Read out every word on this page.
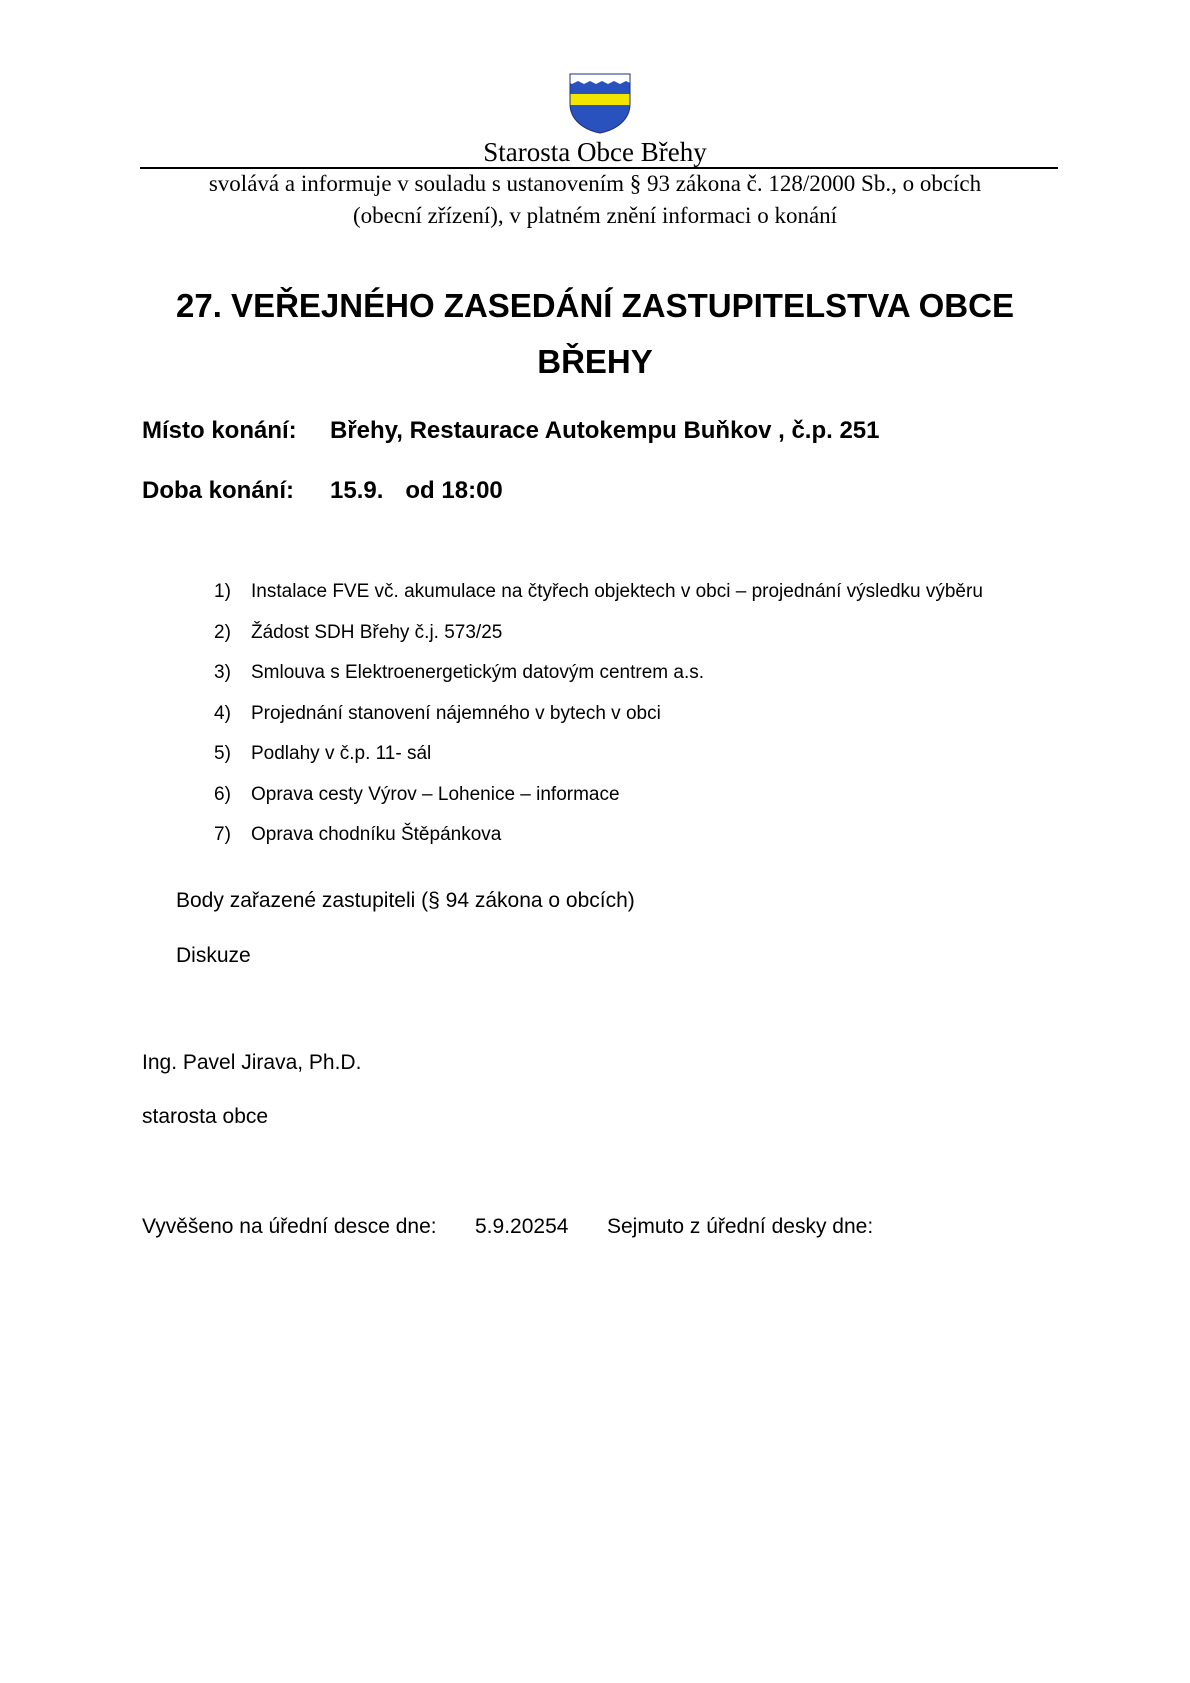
Starosta Obce Břehy
svolává a informuje v souladu s ustanovením § 93 zákona č. 128/2000 Sb., o obcích
(obecní zřízení), v platném znění informaci o konání
27. VEŘEJNÉHO ZASEDÁNÍ ZASTUPITELSTVA OBCE
BŘEHY
Místo konání: Břehy, Restaurace Autokempu Buňkov , č.p. 251
Doba konání: 15.9. od 18:00
1) Instalace FVE vč. akumulace na čtyřech objektech v obci – projednání výsledku výběru
2) Žádost SDH Břehy č.j. 573/25
3) Smlouva s Elektroenergetickým datovým centrem a.s.
4) Projednání stanovení nájemného v bytech v obci
5) Podlahy v č.p. 11- sál
6) Oprava cesty Výrov – Lohenice – informace
7) Oprava chodníku Štěpánkova
Body zařazené zastupiteli (§ 94 zákona o obcích)
Diskuze
Ing. Pavel Jirava, Ph.D.
starosta obce
Vyvěšeno na úřední desce dne: 5.9.20254 Sejmuto z úřední desky dne:
